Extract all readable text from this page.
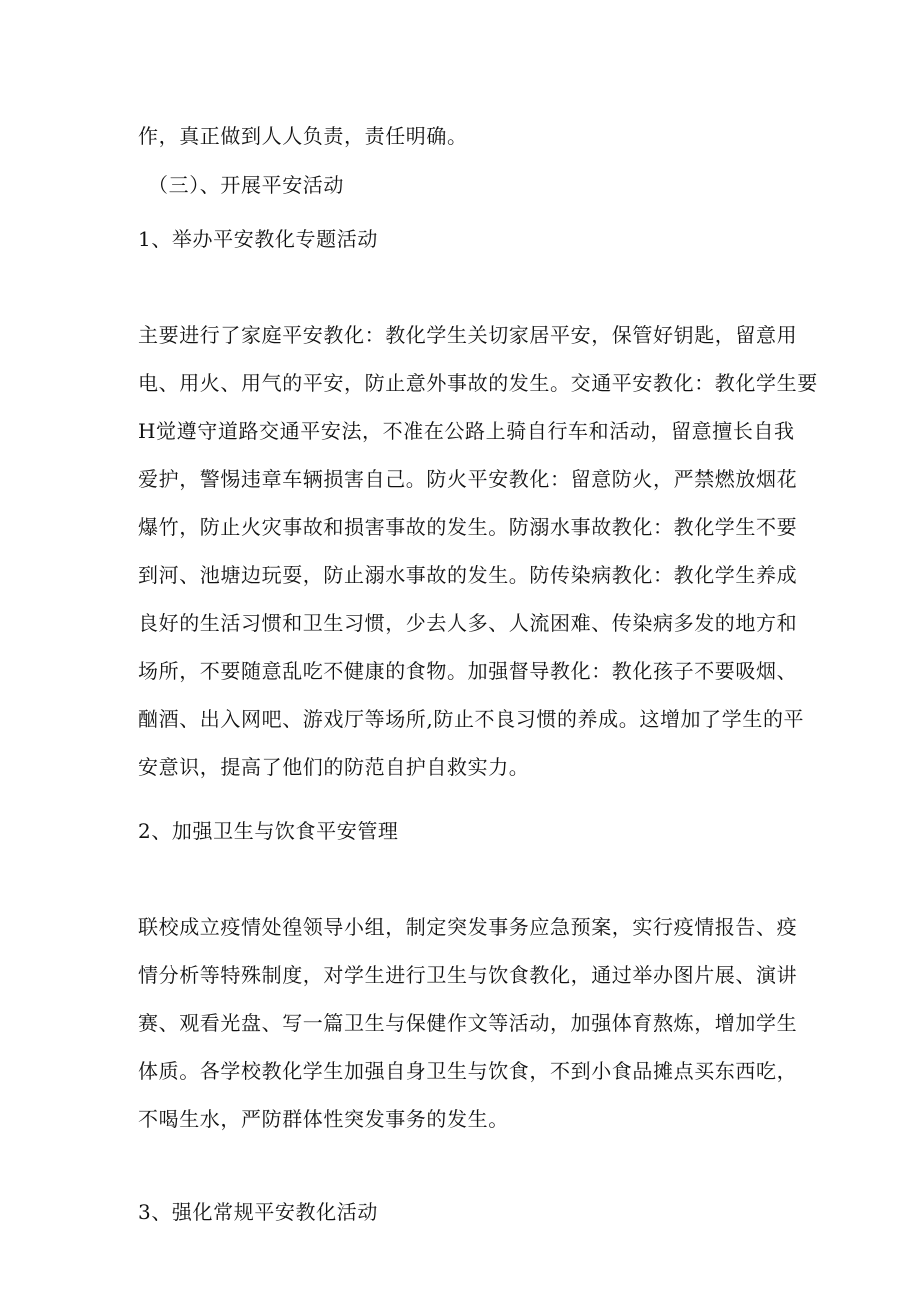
作，真正做到人人负责，责任明确。
（三）、开展平安活动
1、举办平安教化专题活动
主要进行了家庭平安教化：教化学生关切家居平安，保管好钥匙，留意用
电、用火、用气的平安，防止意外事故的发生。交通平安教化：教化学生要
H觉遵守道路交通平安法，不准在公路上骑自行车和活动，留意擅长自我
爱护，警惕违章车辆损害自己。防火平安教化：留意防火，严禁燃放烟花
爆竹，防止火灾事故和损害事故的发生。防溺水事故教化：教化学生不要
到河、池塘边玩耍，防止溺水事故的发生。防传染病教化：教化学生养成
良好的生活习惯和卫生习惯，少去人多、人流困难、传染病多发的地方和
场所，不要随意乱吃不健康的食物。加强督导教化：教化孩子不要吸烟、
酗酒、出入网吧、游戏厅等场所,防止不良习惯的养成。这增加了学生的平
安意识，提高了他们的防范自护自救实力。
2、加强卫生与饮食平安管理
联校成立疫情处徨领导小组，制定突发事务应急预案，实行疫情报告、疫
情分析等特殊制度，对学生进行卫生与饮食教化，通过举办图片展、演讲
赛、观看光盘、写一篇卫生与保健作文等活动，加强体育熬炼，增加学生
体质。各学校教化学生加强自身卫生与饮食，不到小食品摊点买东西吃，
不喝生水，严防群体性突发事务的发生。
3、强化常规平安教化活动
